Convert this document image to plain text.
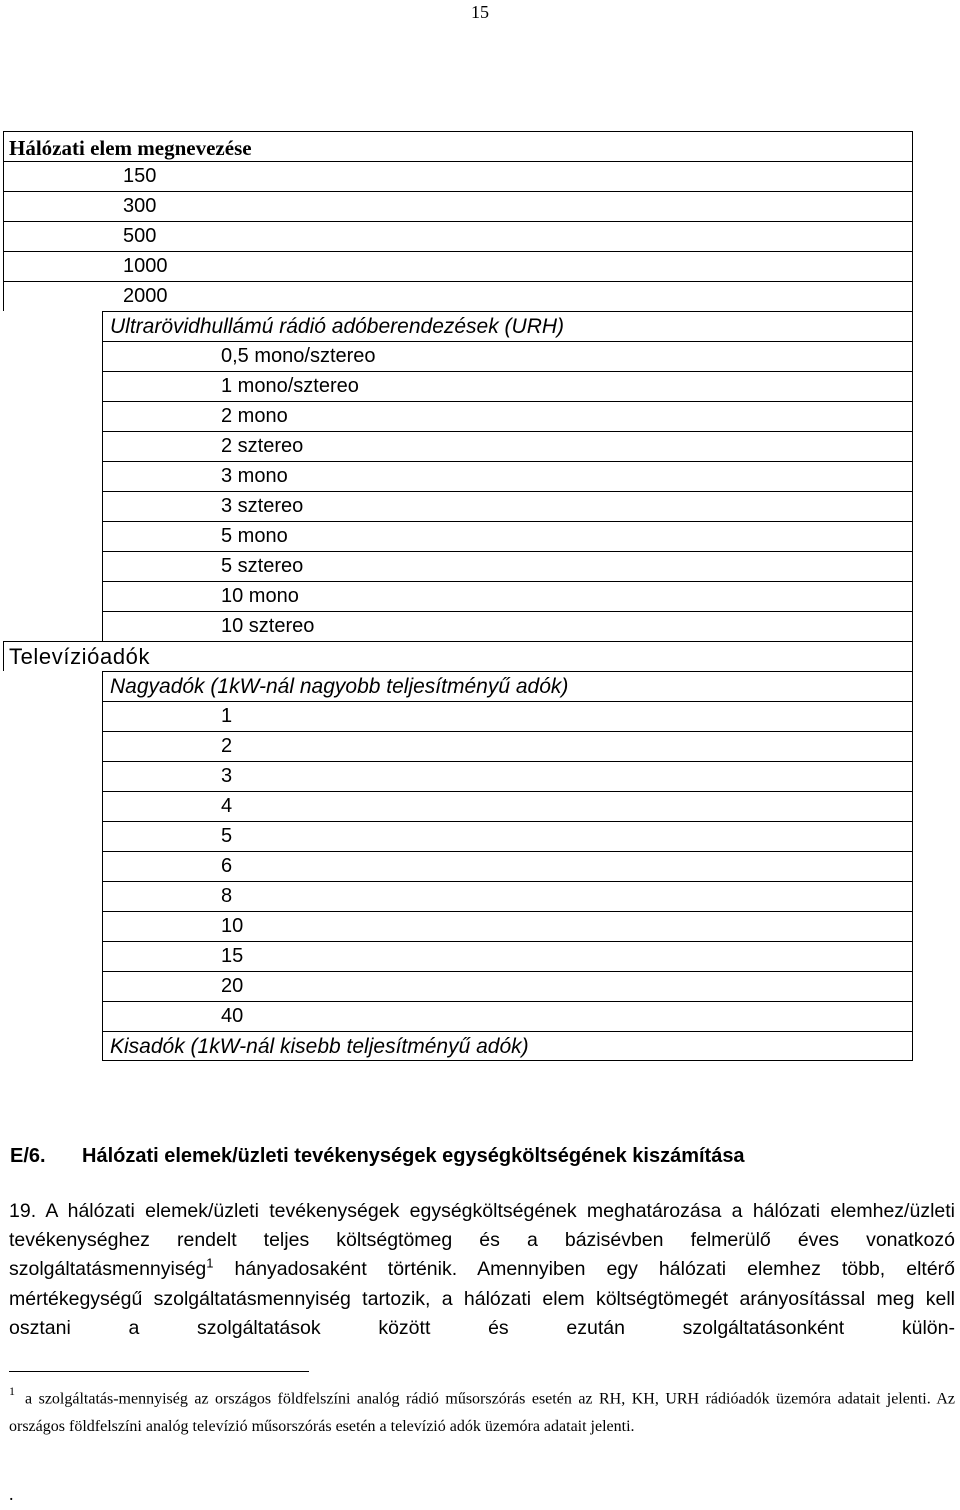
15
Hálózati elem megnevezése
150
300
500
1000
2000
Ultrarövidhullámú rádió adóberendezések (URH)
0,5 mono/sztereo
1 mono/sztereo
2 mono
2 sztereo
3 mono
3 sztereo
5 mono
5 sztereo
10 mono
10 sztereo
Televízióadók
Nagyadók (1kW-nál nagyobb teljesítményű adók)
1
2
3
4
5
6
8
10
15
20
40
Kisadók (1kW-nál kisebb teljesítményű adók)
E/6. Hálózati elemek/üzleti tevékenységek egységköltségének kiszámítása
19. A hálózati elemek/üzleti tevékenységek egységköltségének meghatározása a hálózati elemhez/üzleti tevékenységhez rendelt teljes költségtömeg és a bázisévben felmerülő éves vonatkozó szolgáltatásmennyiség$^1$ hányadosaként történik. Amennyiben egy hálózati elemhez több, eltérő mértékegységű szolgáltatásmennyiség tartozik, a hálózati elem költségtömegét arányosítással meg kell osztani a szolgáltatások között és ezután szolgáltatásonként külön-
$^1$ a szolgáltatás-mennyiség az országos földfelszíni analóg rádió műsorszórás esetén az RH, KH, URH rádióadók üzemóra adatait jelenti. Az országos földfelszíni analóg televízió műsorszórás esetén a televízió adók üzemóra adatait jelenti.
.
